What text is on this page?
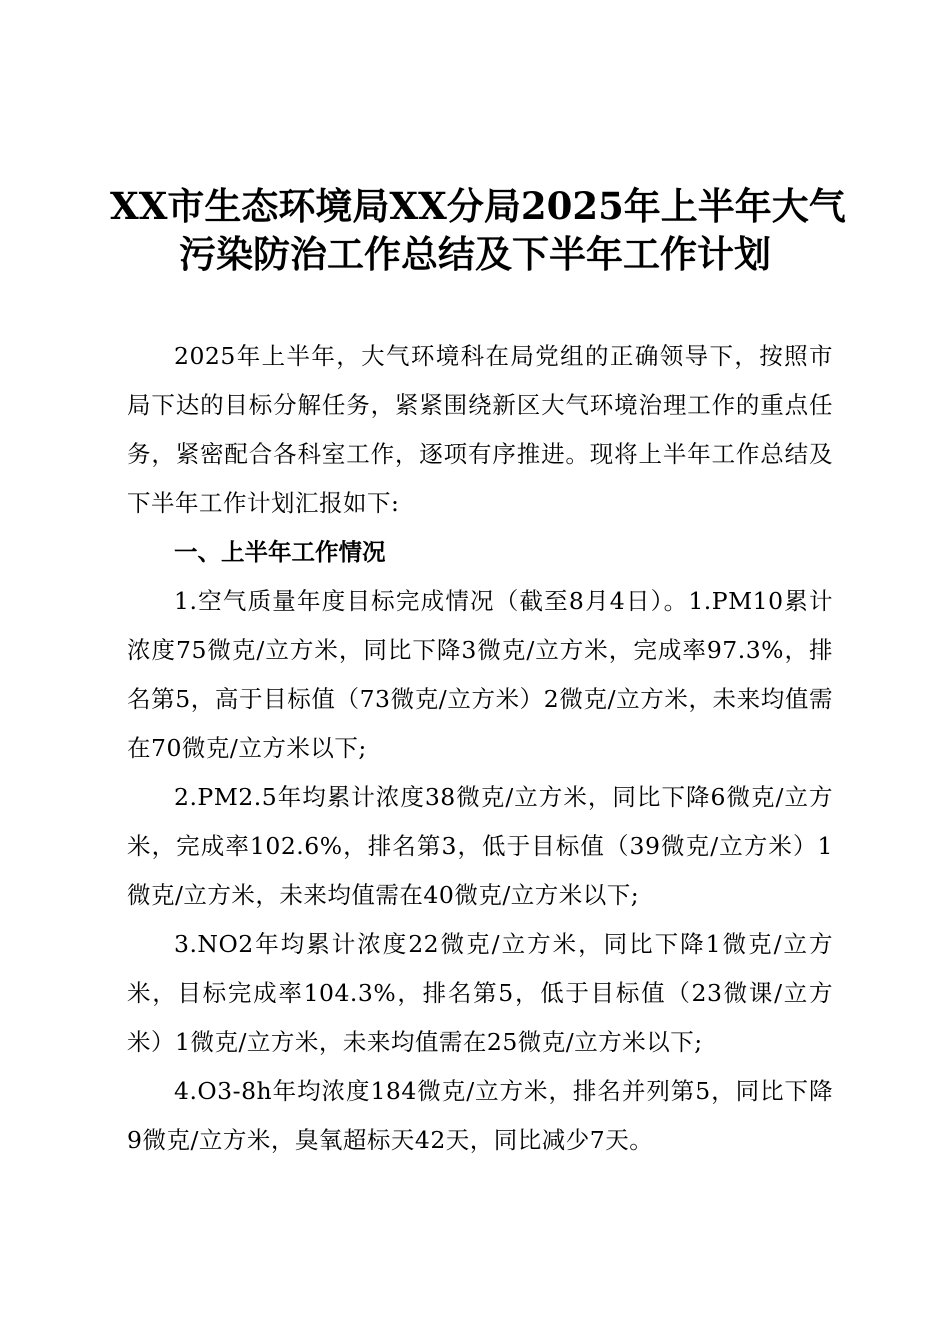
XX市生态环境局XX分局2025年上半年大气
污染防治工作总结及下半年工作计划

2025年上半年，大气环境科在局党组的正确领导下，按照市局下达的目标分解任务，紧紧围绕新区大气环境治理工作的重点任务，紧密配合各科室工作，逐项有序推进。现将上半年工作总结及下半年工作计划汇报如下:

一、上半年工作情况

1.空气质量年度目标完成情况（截至8月4日）。1.PM10累计浓度75微克/立方米，同比下降3微克/立方米，完成率97.3%，排名第5，高于目标值（73微克/立方米）2微克/立方米，未来均值需在70微克/立方米以下;

2.PM2.5年均累计浓度38微克/立方米，同比下降6微克/立方米，完成率102.6%，排名第3，低于目标值（39微克/立方米）1微克/立方米，未来均值需在40微克/立方米以下;

3.NO2年均累计浓度22微克/立方米，同比下降1微克/立方米，目标完成率104.3%，排名第5，低于目标值（23微课/立方米）1微克/立方米，未来均值需在25微克/立方米以下;

4.O3-8h年均浓度184微克/立方米，排名并列第5，同比下降9微克/立方米，臭氧超标天42天，同比减少7天。
